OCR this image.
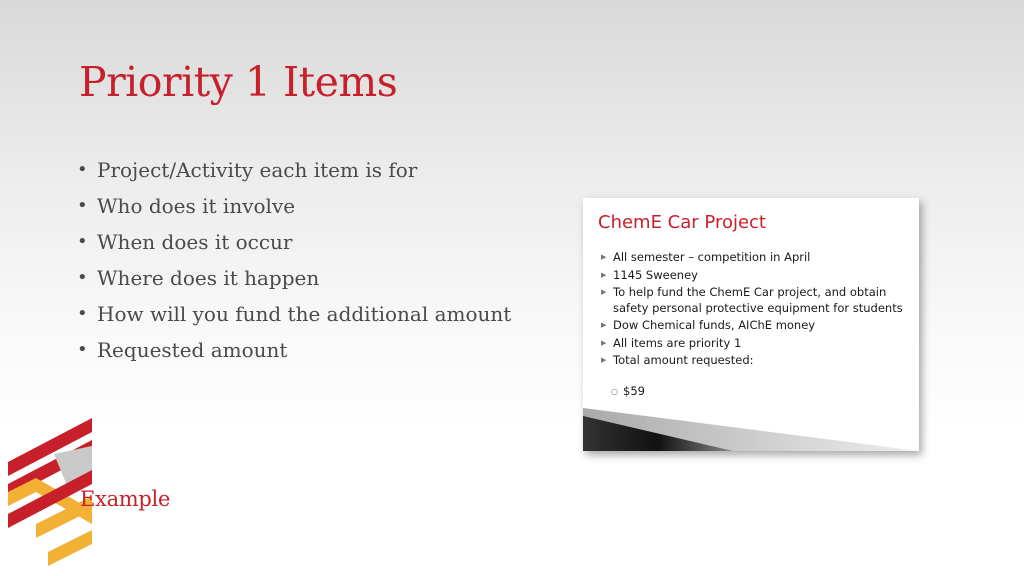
Priority 1 Items
• Project/Activity each item is for
• Who does it involve
• When does it occur
• Where does it happen
• How will you fund the additional amount
• Requested amount
Example
ChemE Car Project
▶ All semester – competition in April
▶ 1145 Sweeney
▶ To help fund the ChemE Car project, and obtain safety personal protective equipment for students
▶ Dow Chemical funds, AIChE money
▶ All items are priority 1
▶ Total amount requested:
○ $59
